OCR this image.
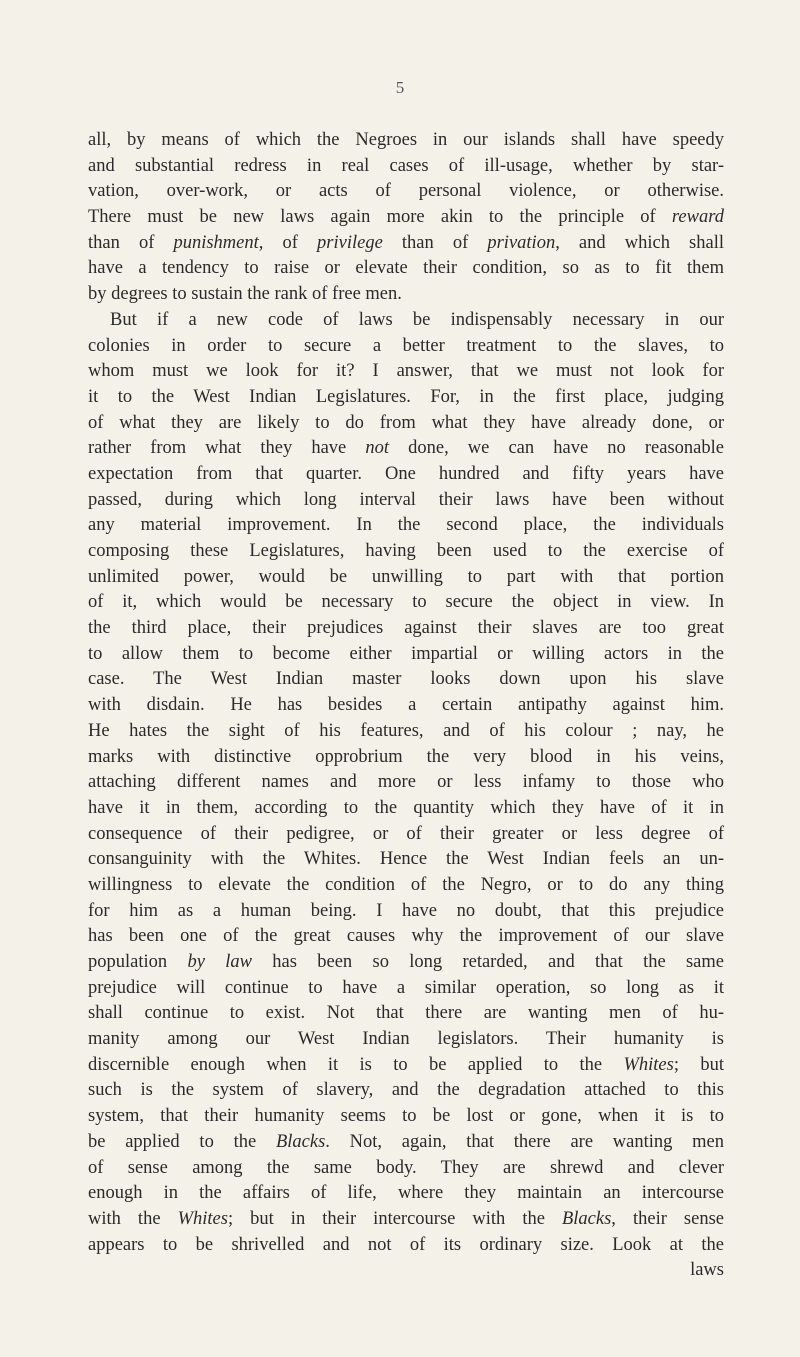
5
all, by means of which the Negroes in our islands shall have speedy
and substantial redress in real cases of ill-usage, whether by star-
vation, over-work, or acts of personal violence, or otherwise.
There must be new laws again more akin to the principle of reward
than of punishment, of privilege than of privation, and which shall
have a tendency to raise or elevate their condition, so as to fit them
by degrees to sustain the rank of free men.
But if a new code of laws be indispensably necessary in our
colonies in order to secure a better treatment to the slaves, to
whom must we look for it? I answer, that we must not look for
it to the West Indian Legislatures. For, in the first place, judging
of what they are likely to do from what they have already done, or
rather from what they have not done, we can have no reasonable
expectation from that quarter. One hundred and fifty years have
passed, during which long interval their laws have been without
any material improvement. In the second place, the individuals
composing these Legislatures, having been used to the exercise of
unlimited power, would be unwilling to part with that portion
of it, which would be necessary to secure the object in view. In
the third place, their prejudices against their slaves are too great
to allow them to become either impartial or willing actors in the
case. The West Indian master looks down upon his slave
with disdain. He has besides a certain antipathy against him.
He hates the sight of his features, and of his colour ; nay, he
marks with distinctive opprobrium the very blood in his veins,
attaching different names and more or less infamy to those who
have it in them, according to the quantity which they have of it in
consequence of their pedigree, or of their greater or less degree of
consanguinity with the Whites. Hence the West Indian feels an un-
willingness to elevate the condition of the Negro, or to do any thing
for him as a human being. I have no doubt, that this prejudice
has been one of the great causes why the improvement of our slave
population by law has been so long retarded, and that the same
prejudice will continue to have a similar operation, so long as it
shall continue to exist. Not that there are wanting men of hu-
manity among our West Indian legislators. Their humanity is
discernible enough when it is to be applied to the Whites; but
such is the system of slavery, and the degradation attached to this
system, that their humanity seems to be lost or gone, when it is to
be applied to the Blacks. Not, again, that there are wanting men
of sense among the same body. They are shrewd and clever
enough in the affairs of life, where they maintain an intercourse
with the Whites; but in their intercourse with the Blacks, their sense
appears to be shrivelled and not of its ordinary size. Look at the
laws
